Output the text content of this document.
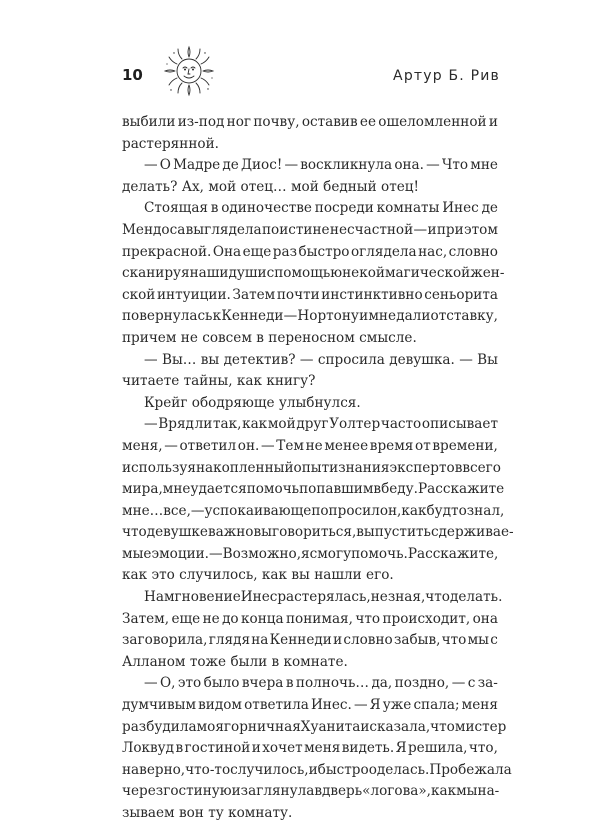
10	Артур Б. Рив
выбили из-под ног почву, оставив ее ошеломленной и
растерянной.
— О Мадре де Диос! — воскликнула она. — Что мне
делать? Ах, мой отец… мой бедный отец!
Стоящая в одиночестве посреди комнаты Инес де
Мендоса выглядела поистине несчастной — и при этом
прекрасной. Она еще раз быстро оглядела нас, словно
сканируя наши души с помощью некой магической жен-
ской интуиции. Затем почти инстинктивно сеньорита
повернулась к Кеннеди — Нортону и мне дали отставку,
причем не совсем в переносном смысле.
— Вы… вы детектив? — спросила девушка. — Вы
читаете тайны, как книгу?
Крейг ободряюще улыбнулся.
— Вряд ли так, как мой друг Уолтер часто описывает
меня, — ответил он. — Тем не менее время от времени,
используя накопленный опыт и знания экспертов всего
мира, мне удается помочь попавшим в беду. Расскажите
мне… все, — успокаивающе попросил он, как будто знал,
что девушке важно выговориться, выпустить сдерживае-
мые эмоции. — Возможно, я смогу помочь. Расскажите,
как это случилось, как вы нашли его.
На мгновение Инес растерялась, не зная, что делать.
Затем, еще не до конца понимая, что происходит, она
заговорила, глядя на Кеннеди и словно забыв, что мы с
Алланом тоже были в комнате.
— О, это было вчера в полночь… да, поздно, — с за-
думчивым видом ответила Инес. — Я уже спала; меня
разбудила моя горничная Хуанита и сказала, что мистер
Локвуд в гостиной и хочет меня видеть. Я решила, что,
наверно, что-то случилось, и быстро оделась. Пробежала
через гостиную и заглянула в дверь «логова», как мы на-
зываем вон ту комнату.
